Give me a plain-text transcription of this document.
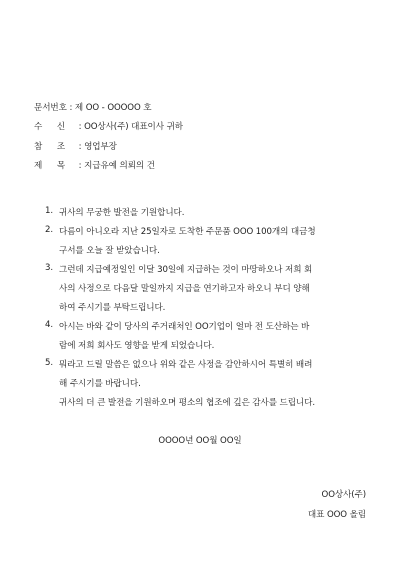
문서번호 : 제 OO - OOOOO 호
수 신 : OO상사(주) 대표이사 귀하
참 조 : 영업부장
제 목 : 지급유예 의뢰의 건
1. 귀사의 무궁한 발전을 기원합니다.
2. 다름이 아니오라 지난 25일자로 도착한 주문품 OOO 100개의 대금청
구서를 오늘 잘 받았습니다.
3. 그런데 지급예정일인 이달 30일에 지급하는 것이 마땅하오나 저희 회
사의 사정으로 다음달 말일까지 지급을 연기하고자 하오니 부디 양해
하여 주시기를 부탁드립니다.
4. 아시는 바와 같이 당사의 주거래처인 OO기업이 얼마 전 도산하는 바
람에 저희 회사도 영향을 받게 되었습니다.
5. 뭐라고 드릴 말씀은 없으나 위와 같은 사정을 감안하시어 특별히 배려
해 주시기를 바랍니다.
귀사의 더 큰 발전을 기원하오며 평소의 협조에 깊은 감사를 드립니다.
OOOO년 OO월 OO일
OO상사(주)
대표 OOO 올림
